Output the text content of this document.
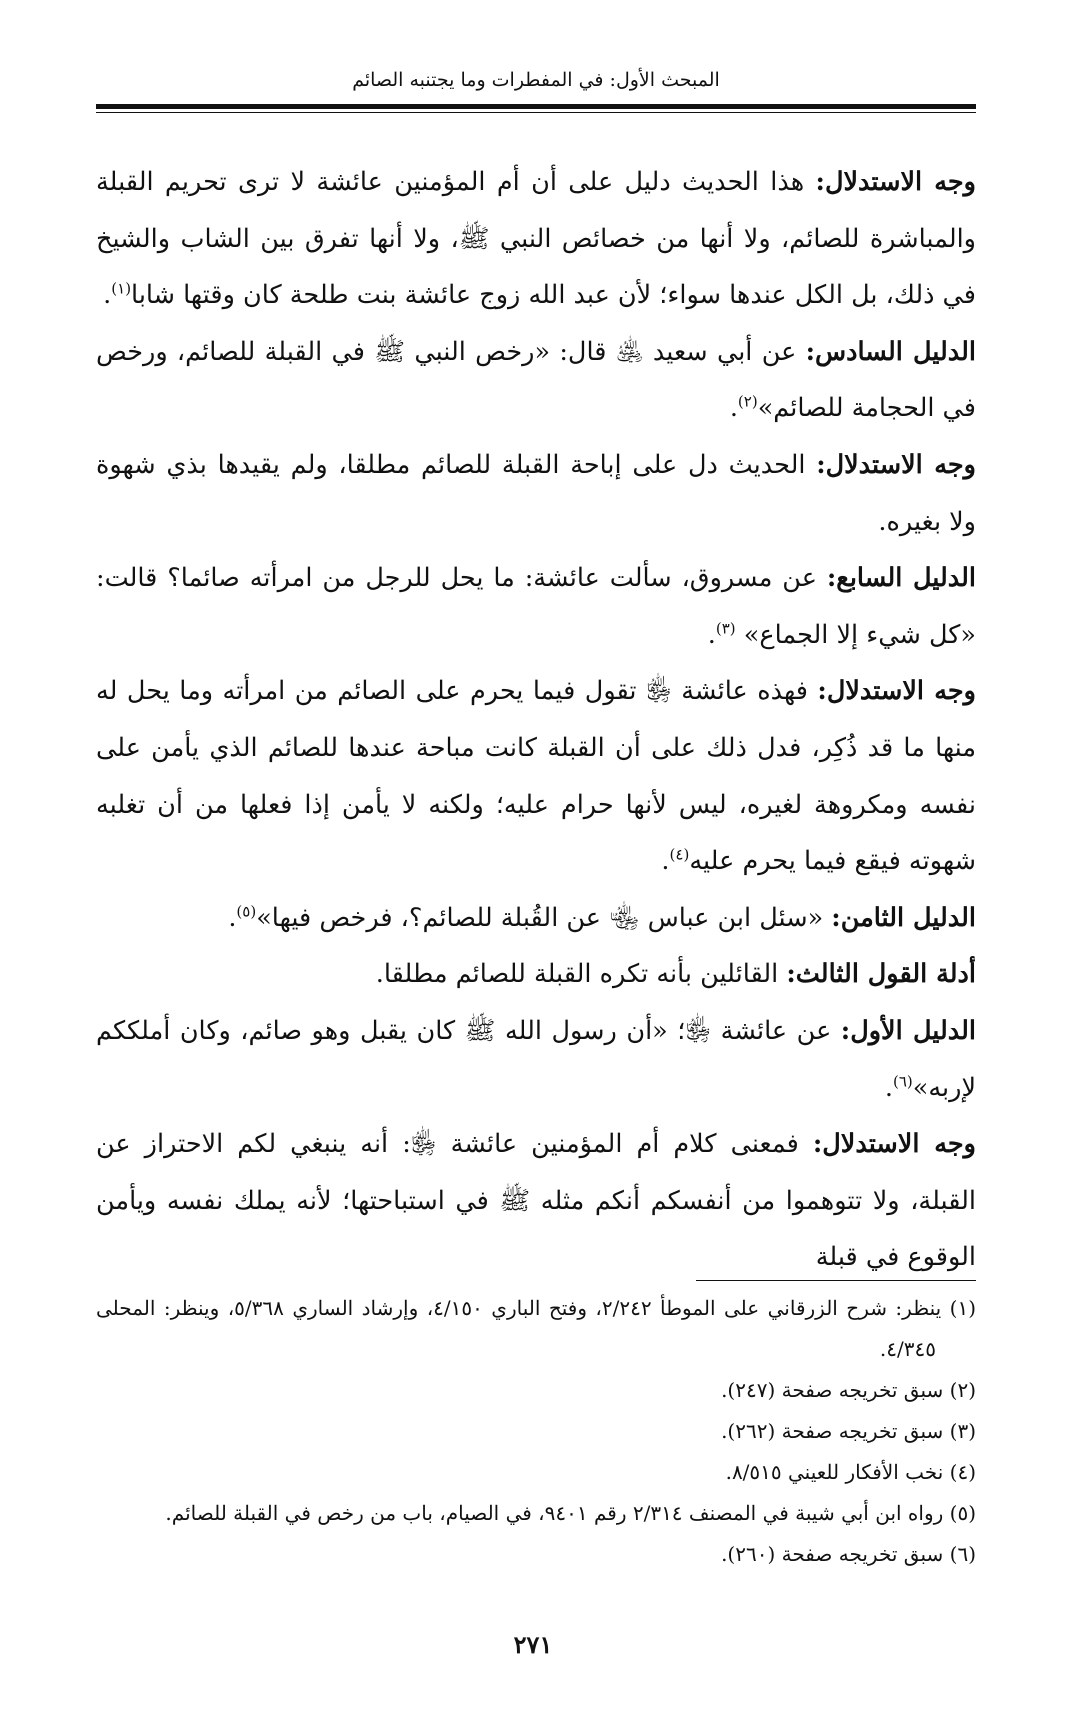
المبحث الأول: في المفطرات وما يجتنبه الصائم

وجه الاستدلال: هذا الحديث دليل على أن أم المؤمنين عائشة لا ترى تحريم القبلة والمباشرة للصائم، ولا أنها من خصائص النبي ﷺ، ولا أنها تفرق بين الشاب والشيخ في ذلك، بل الكل عندها سواء؛ لأن عبد الله زوج عائشة بنت طلحة كان وقتها شابا$^{(١)}$.

الدليل السادس: عن أبي سعيد ﵁ قال: «رخص النبي ﷺ في القبلة للصائم، ورخص في الحجامة للصائم»$^{(٢)}$.

وجه الاستدلال: الحديث دل على إباحة القبلة للصائم مطلقا، ولم يقيدها بذي شهوة ولا بغيره.

الدليل السابع: عن مسروق، سألت عائشة: ما يحل للرجل من امرأته صائما؟ قالت: «كل شيء إلا الجماع» $^{(٣)}$.

وجه الاستدلال: فهذه عائشة ﵂ تقول فيما يحرم على الصائم من امرأته وما يحل له منها ما قد ذُكِر، فدل ذلك على أن القبلة كانت مباحة عندها للصائم الذي يأمن على نفسه ومكروهة لغيره، ليس لأنها حرام عليه؛ ولكنه لا يأمن إذا فعلها من أن تغلبه شهوته فيقع فيما يحرم عليه$^{(٤)}$.

الدليل الثامن: «سئل ابن عباس ﵄ عن القُبلة للصائم؟، فرخص فيها»$^{(٥)}$.

أدلة القول الثالث: القائلين بأنه تكره القبلة للصائم مطلقا.

الدليل الأول: عن عائشة ﵂؛ «أن رسول الله ﷺ كان يقبل وهو صائم، وكان أملككم لإربه»$^{(٦)}$.

وجه الاستدلال: فمعنى كلام أم المؤمنين عائشة ﵂: أنه ينبغي لكم الاحتراز عن القبلة، ولا تتوهموا من أنفسكم أنكم مثله ﷺ في استباحتها؛ لأنه يملك نفسه ويأمن الوقوع في قبلة

(١) ينظر: شرح الزرقاني على الموطأ ٢/٢٤٢، وفتح الباري ٤/١٥٠، وإرشاد الساري ٥/٣٦٨، وينظر: المحلى ٤/٣٤٥.

(٢) سبق تخريجه صفحة (٢٤٧).

(٣) سبق تخريجه صفحة (٢٦٢).

(٤) نخب الأفكار للعيني ٨/٥١٥.

(٥) رواه ابن أبي شيبة في المصنف ٢/٣١٤ رقم ٩٤٠١، في الصيام، باب من رخص في القبلة للصائم.

(٦) سبق تخريجه صفحة (٢٦٠).

٢٧١
